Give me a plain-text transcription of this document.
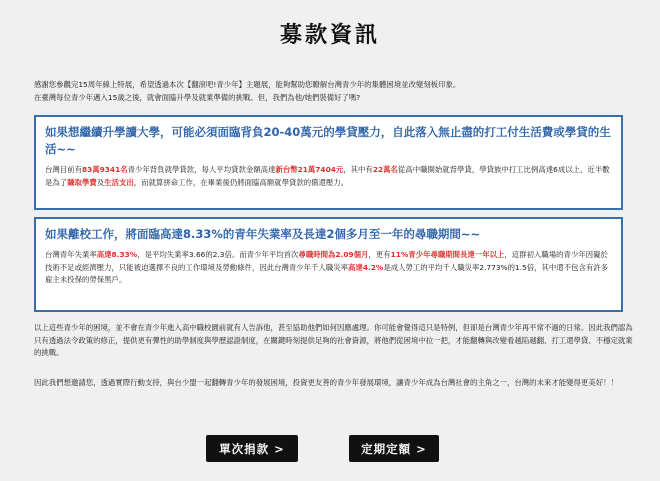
募款資訊
感謝您參觀完15周年線上特展，希望透過本次【翻滾吧!青少年】主題展，能夠幫助您瞭解台灣青少年的集體困境並改變刻板印象。
在臺灣每位青少年邁入15歲之後，就會面臨升學及就業準備的挑戰。但，我們為他/她們裝備好了嗎?
如果想繼續升學讀大學，可能必須面臨背負20-40萬元的學貸壓力，自此落入無止盡的打工付生活費或學貸的生活~~
台灣目前有83萬9341名青少年背負就學貸款，每人平均貸款金額高達新台幣21萬7404元，其中有22萬名從高中職開始就背學貸，學貸族中打工比例高達6成以上，近半數是為了賺取學費及生活支出，而就算拼命工作，在畢業後仍將面臨高額就學貸款的償還壓力。
如果離校工作，將面臨高達8.33%的青年失業率及長達2個多月至一年的尋職期間~~
台灣青年失業率高達8.33%，是平均失業率3.66的2.3倍。而青少年平均首次尋職時間為2.09個月，更有11%青少年尋職期間長達一年以上，這群初入職場的青少年因礙於技術不足或經濟壓力，只能被迫選擇不良的工作環境及勞動條件，因此台灣青少年千人職災率高達4.2%是成人勞工的平均千人職災率2.773%的1.5倍，其中還不包含有許多雇主未投保的勞保黑戶。
以上這些青少年的困境，並不會在青少年進入高中職校園前就有人告訴他，甚至協助他們如何因應處理。你可能會覺得這只是特例，但卻是台灣青少年再平常不過的日常。因此我們認為只有透過法令政策的修正，提供更有彈性的助學制度與學歷認證制度，在關鍵時刻提供足夠的社會資源，將他們從困境中拉一把，才能翻轉與改變看越陷越翻、打工還學貸、不穩定就業的挑戰。
因此我們想邀請您，透過實際行動支持，與台少盟一起翻轉青少年的發展困境，投資更友善的青少年發展環境，讓青少年成為台灣社會的主角之一，台灣的未來才能變得更美好！！
單次捐款 >	定期定額 >
